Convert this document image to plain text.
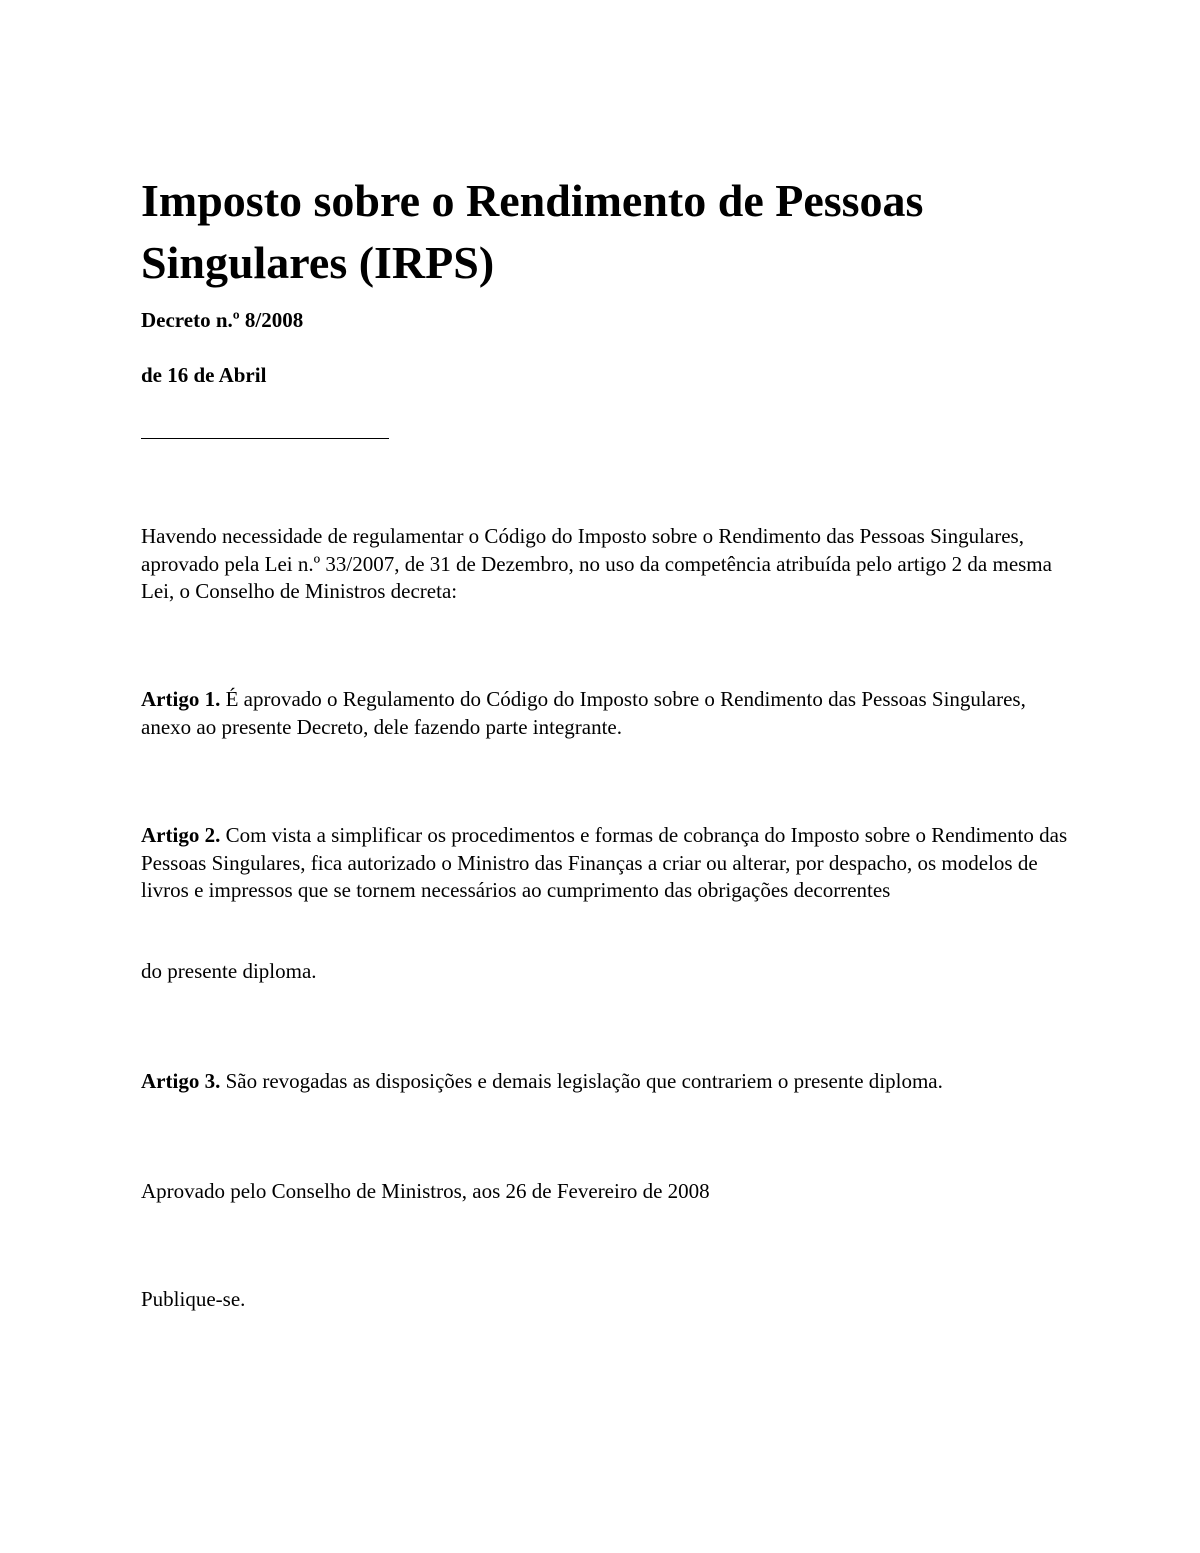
Imposto sobre o Rendimento de Pessoas Singulares (IRPS)

Decreto n.º 8/2008

de 16 de Abril

Havendo necessidade de regulamentar o Código do Imposto sobre o Rendimento das Pessoas Singulares, aprovado pela Lei n.º 33/2007, de 31 de Dezembro, no uso da competência atribuída pelo artigo 2 da mesma Lei, o Conselho de Ministros decreta:

Artigo 1. É aprovado o Regulamento do Código do Imposto sobre o Rendimento das Pessoas Singulares, anexo ao presente Decreto, dele fazendo parte integrante.

Artigo 2. Com vista a simplificar os procedimentos e formas de cobrança do Imposto sobre o Rendimento das Pessoas Singulares, fica autorizado o Ministro das Finanças a criar ou alterar, por despacho, os modelos de livros e impressos que se tornem necessários ao cumprimento das obrigações decorrentes

do presente diploma.

Artigo 3. São revogadas as disposições e demais legislação que contrariem o presente diploma.

Aprovado pelo Conselho de Ministros, aos 26 de Fevereiro de 2008

Publique-se.
